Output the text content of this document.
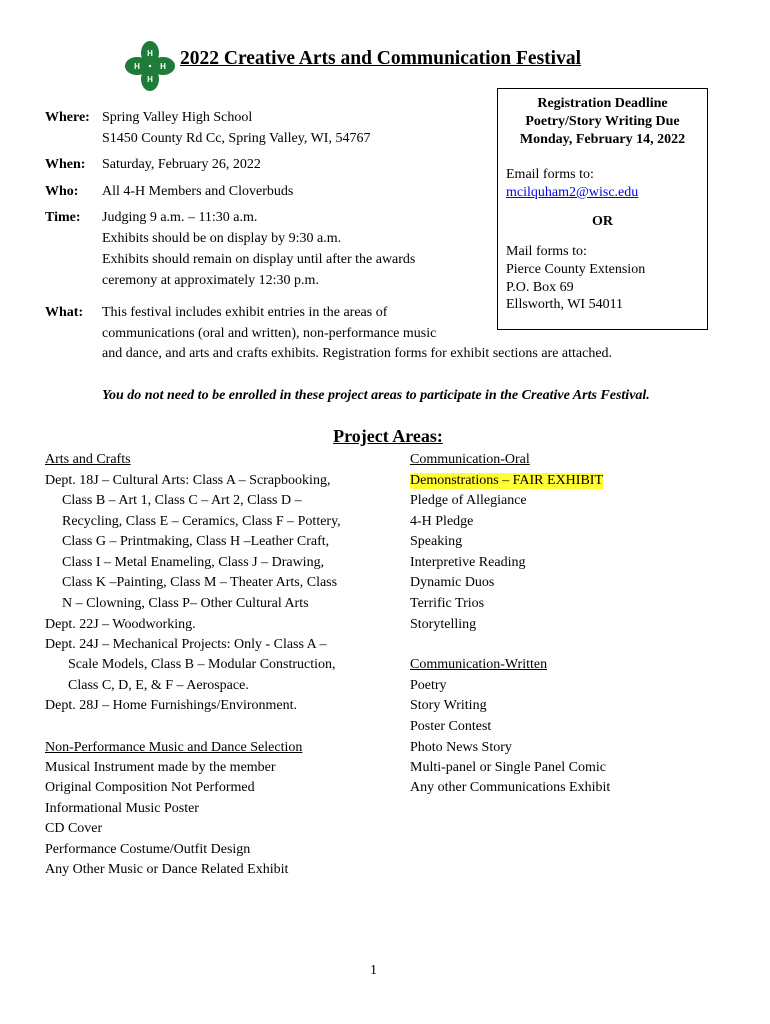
H
H
H	H 2022 Creative Arts and Communication Festival
Where: Spring Valley High School
S1450 County Rd Cc, Spring Valley, WI, 54767
When: Saturday, February 26, 2022
Who: All 4-H Members and Cloverbuds
Time: Judging 9 a.m. – 11:30 a.m.
Exhibits should be on display by 9:30 a.m.
Exhibits should remain on display until after the awards
ceremony at approximately 12:30 p.m.
What: This festival includes exhibit entries in the areas of
communications (oral and written), non-performance music
and dance, and arts and crafts exhibits. Registration forms for exhibit sections are attached.
Registration Deadline
Poetry/Story Writing Due
Monday, February 14, 2022
Email forms to:
mcilquham2@wisc.edu
OR
Mail forms to:
Pierce County Extension
P.O. Box 69
Ellsworth, WI 54011
You do not need to be enrolled in these project areas to participate in the Creative Arts Festival.
Project Areas:
Arts and Crafts
Dept. 18J – Cultural Arts: Class A – Scrapbooking,
Class B – Art 1, Class C – Art 2, Class D –
Recycling, Class E – Ceramics, Class F – Pottery,
Class G – Printmaking, Class H –Leather Craft,
Class I – Metal Enameling, Class J – Drawing,
Class K –Painting, Class M – Theater Arts, Class
N – Clowning, Class P– Other Cultural Arts
Dept. 22J – Woodworking.
Dept. 24J – Mechanical Projects: Only - Class A –
Scale Models, Class B – Modular Construction,
Class C, D, E, & F – Aerospace.
Dept. 28J – Home Furnishings/Environment.
Non-Performance Music and Dance Selection
Musical Instrument made by the member
Original Composition Not Performed
Informational Music Poster
CD Cover
Performance Costume/Outfit Design
Any Other Music or Dance Related Exhibit
Communication-Oral
Demonstrations – FAIR EXHIBIT
Pledge of Allegiance
4-H Pledge
Speaking
Interpretive Reading
Dynamic Duos
Terrific Trios
Storytelling
Communication-Written
Poetry
Story Writing
Poster Contest
Photo News Story
Multi-panel or Single Panel Comic
Any other Communications Exhibit
1
